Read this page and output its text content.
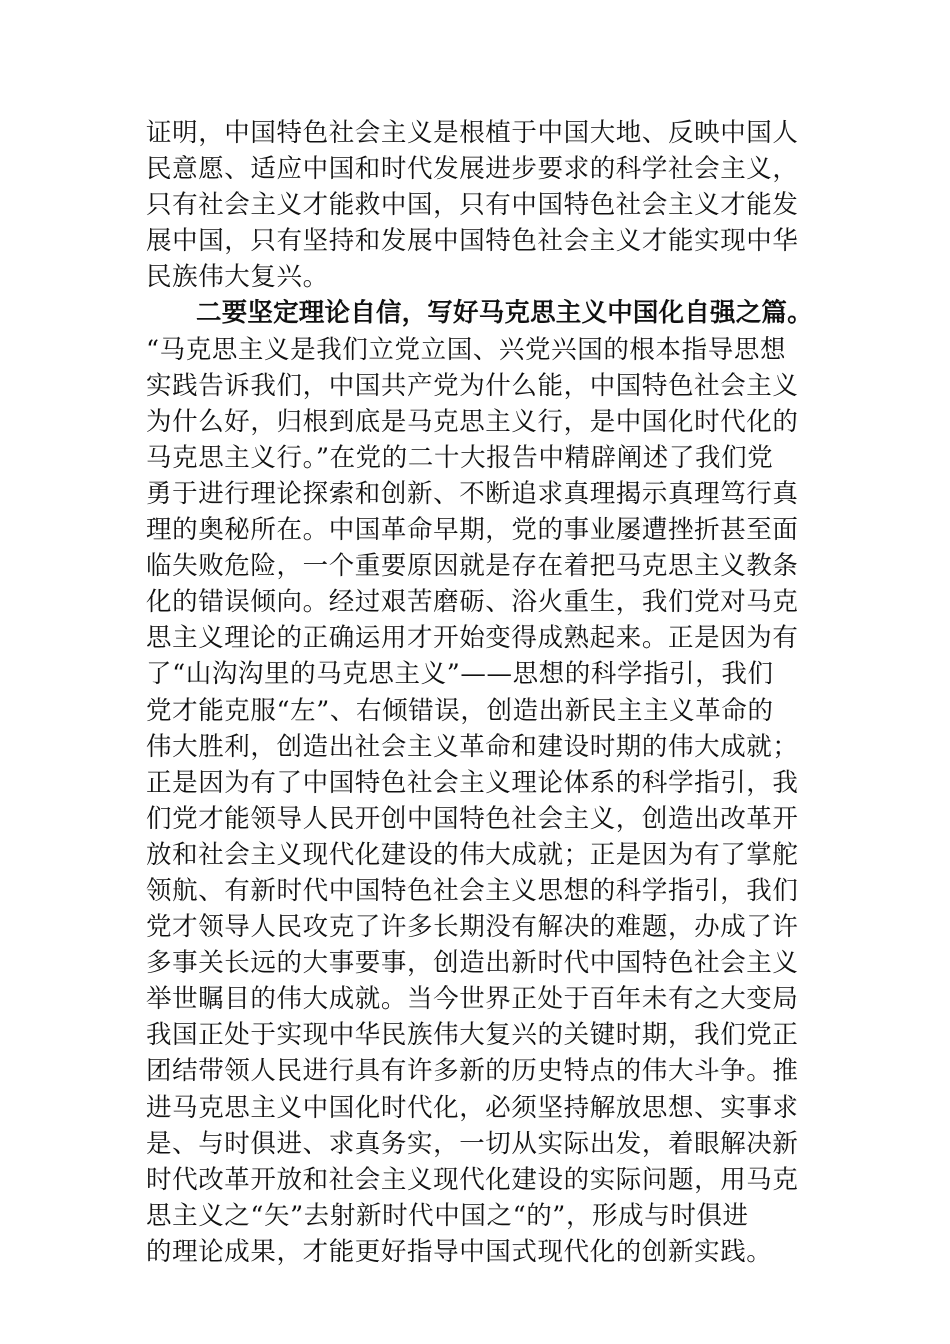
证明，中国特色社会主义是根植于中国大地、反映中国人
民意愿、适应中国和时代发展进步要求的科学社会主义，
只有社会主义才能救中国，只有中国特色社会主义才能发
展中国，只有坚持和发展中国特色社会主义才能实现中华
民族伟大复兴。
二要坚定理论自信，写好马克思主义中国化自强之篇。
“马克思主义是我们立党立国、兴党兴国的根本指导思想
实践告诉我们，中国共产党为什么能，中国特色社会主义
为什么好，归根到底是马克思主义行，是中国化时代化的
马克思主义行。”在党的二十大报告中精辟阐述了我们党
勇于进行理论探索和创新、不断追求真理揭示真理笃行真
理的奥秘所在。中国革命早期，党的事业屡遭挫折甚至面
临失败危险，一个重要原因就是存在着把马克思主义教条
化的错误倾向。经过艰苦磨砺、浴火重生，我们党对马克
思主义理论的正确运用才开始变得成熟起来。正是因为有
了“山沟沟里的马克思主义”——思想的科学指引，我们
党才能克服“左”、右倾错误，创造出新民主主义革命的
伟大胜利，创造出社会主义革命和建设时期的伟大成就；
正是因为有了中国特色社会主义理论体系的科学指引，我
们党才能领导人民开创中国特色社会主义，创造出改革开
放和社会主义现代化建设的伟大成就；正是因为有了掌舵
领航、有新时代中国特色社会主义思想的科学指引，我们
党才领导人民攻克了许多长期没有解决的难题，办成了许
多事关长远的大事要事，创造出新时代中国特色社会主义
举世瞩目的伟大成就。当今世界正处于百年未有之大变局
我国正处于实现中华民族伟大复兴的关键时期，我们党正
团结带领人民进行具有许多新的历史特点的伟大斗争。推
进马克思主义中国化时代化，必须坚持解放思想、实事求
是、与时俱进、求真务实，一切从实际出发，着眼解决新
时代改革开放和社会主义现代化建设的实际问题，用马克
思主义之“矢”去射新时代中国之“的”，形成与时俱进
的理论成果，才能更好指导中国式现代化的创新实践。
